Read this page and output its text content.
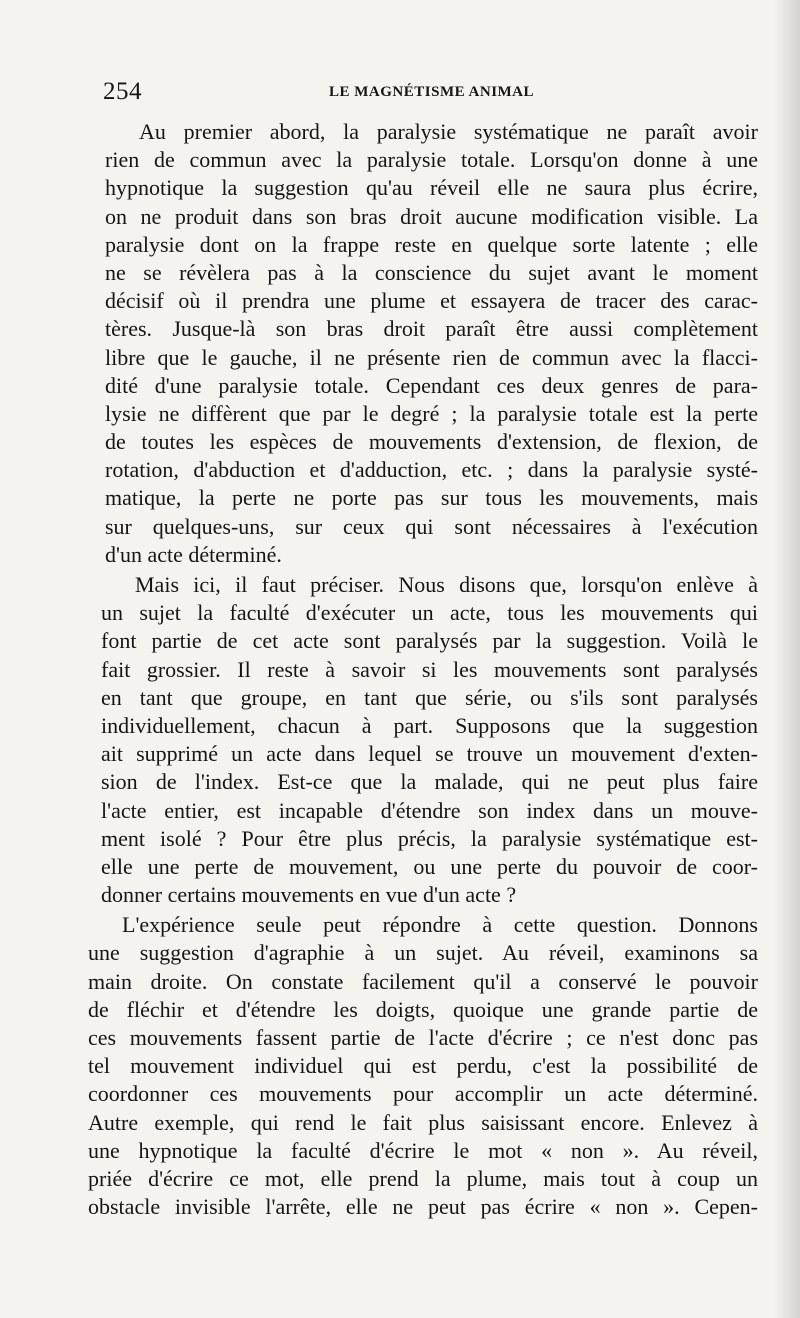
254	LE MAGNÉTISME ANIMAL
Au premier abord, la paralysie systématique ne paraît avoir
rien de commun avec la paralysie totale. Lorsqu'on donne à une
hypnotique la suggestion qu'au réveil elle ne saura plus écrire,
on ne produit dans son bras droit aucune modification visible. La
paralysie dont on la frappe reste en quelque sorte latente ; elle
ne se révèlera pas à la conscience du sujet avant le moment
décisif où il prendra une plume et essayera de tracer des carac-
tères. Jusque-là son bras droit paraît être aussi complètement
libre que le gauche, il ne présente rien de commun avec la flacci-
dité d'une paralysie totale. Cependant ces deux genres de para-
lysie ne diffèrent que par le degré ; la paralysie totale est la perte
de toutes les espèces de mouvements d'extension, de flexion, de
rotation, d'abduction et d'adduction, etc. ; dans la paralysie systé-
matique, la perte ne porte pas sur tous les mouvements, mais
sur quelques-uns, sur ceux qui sont nécessaires à l'exécution
d'un acte déterminé.
Mais ici, il faut préciser. Nous disons que, lorsqu'on enlève à
un sujet la faculté d'exécuter un acte, tous les mouvements qui
font partie de cet acte sont paralysés par la suggestion. Voilà le
fait grossier. Il reste à savoir si les mouvements sont paralysés
en tant que groupe, en tant que série, ou s'ils sont paralysés
individuellement, chacun à part. Supposons que la suggestion
ait supprimé un acte dans lequel se trouve un mouvement d'exten-
sion de l'index. Est-ce que la malade, qui ne peut plus faire
l'acte entier, est incapable d'étendre son index dans un mouve-
ment isolé ? Pour être plus précis, la paralysie systématique est-
elle une perte de mouvement, ou une perte du pouvoir de coor-
donner certains mouvements en vue d'un acte ?
L'expérience seule peut répondre à cette question. Donnons
une suggestion d'agraphie à un sujet. Au réveil, examinons sa
main droite. On constate facilement qu'il a conservé le pouvoir
de fléchir et d'étendre les doigts, quoique une grande partie de
ces mouvements fassent partie de l'acte d'écrire ; ce n'est donc pas
tel mouvement individuel qui est perdu, c'est la possibilité de
coordonner ces mouvements pour accomplir un acte déterminé.
Autre exemple, qui rend le fait plus saisissant encore. Enlevez à
une hypnotique la faculté d'écrire le mot « non ». Au réveil,
priée d'écrire ce mot, elle prend la plume, mais tout à coup un
obstacle invisible l'arrête, elle ne peut pas écrire « non ». Cepen-
